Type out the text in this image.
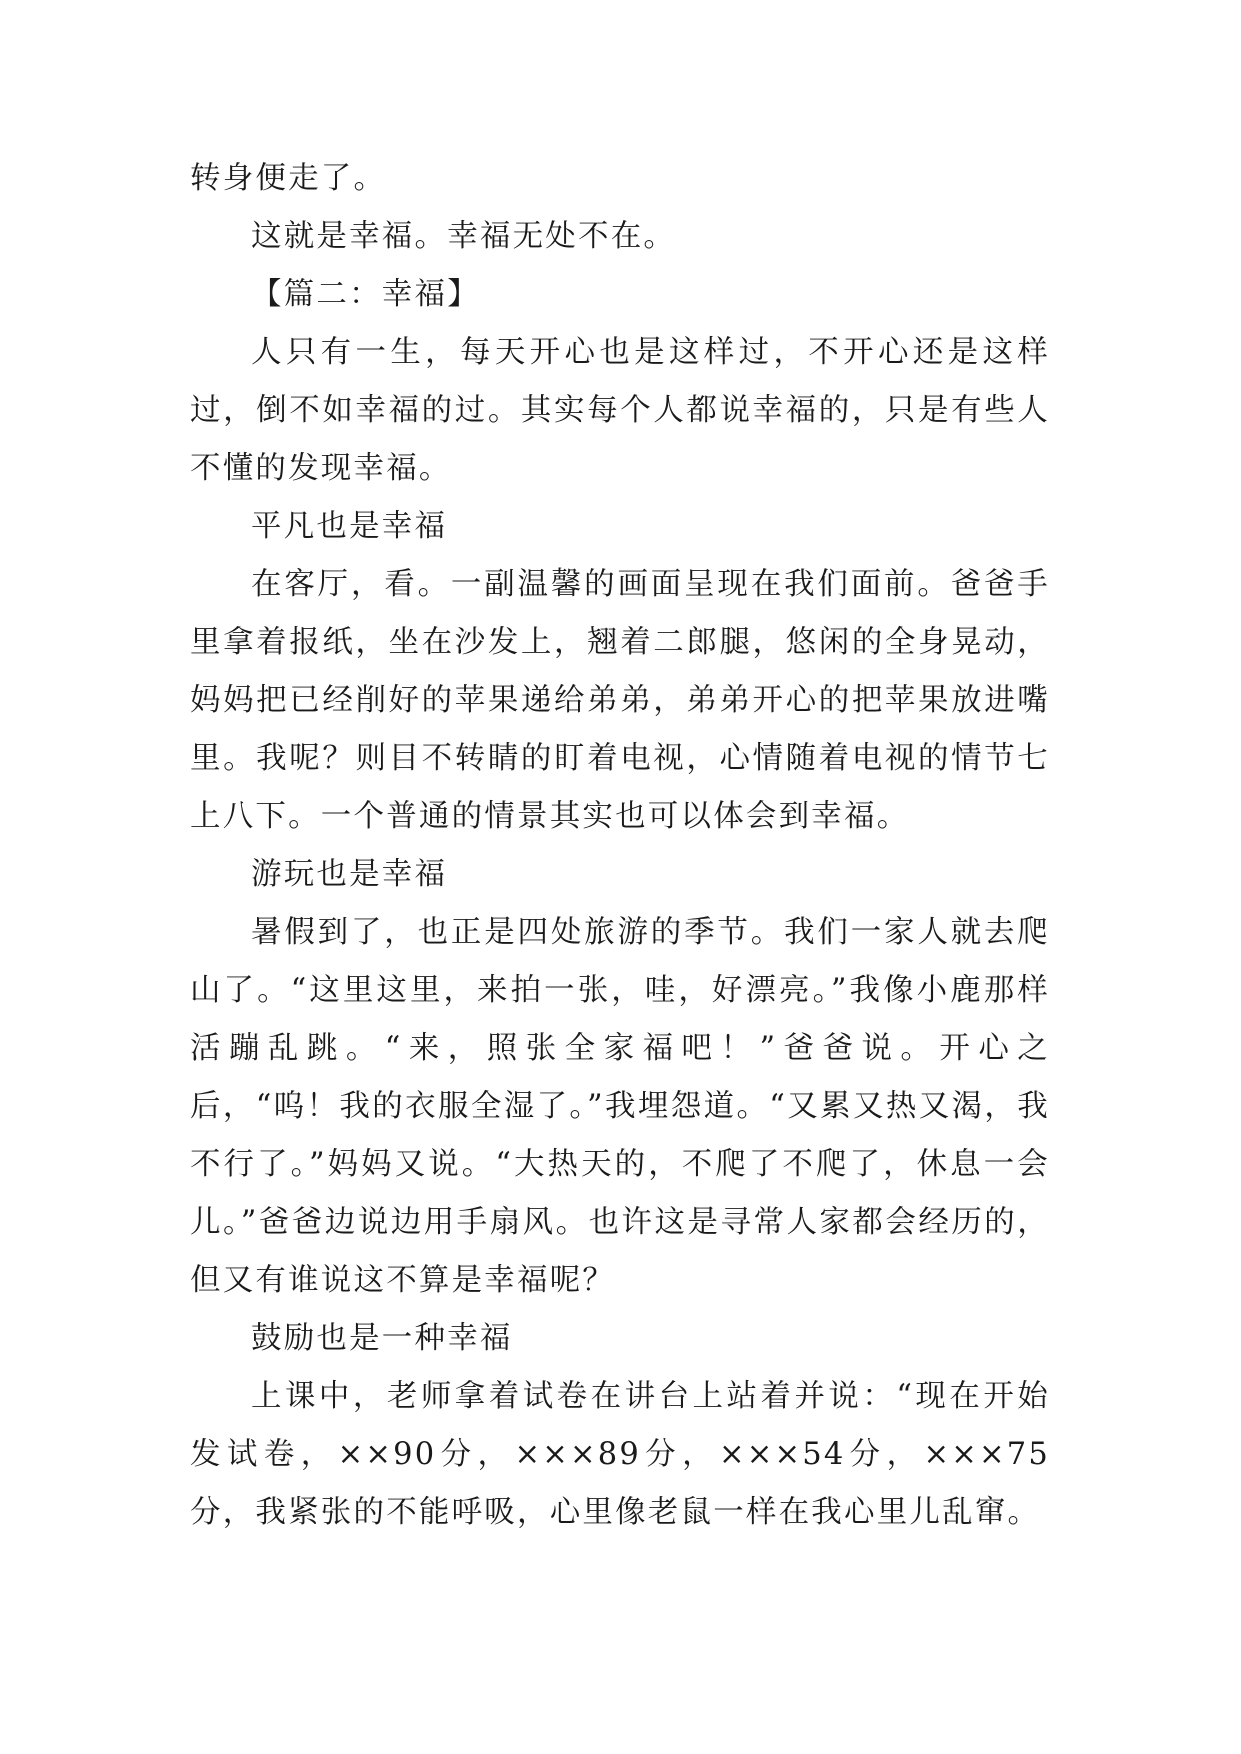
转身便走了。

这就是幸福。幸福无处不在。

【篇二：幸福】

人只有一生，每天开心也是这样过，不开心还是这样过，倒不如幸福的过。其实每个人都说幸福的，只是有些人不懂的发现幸福。

平凡也是幸福

在客厅，看。一副温馨的画面呈现在我们面前。爸爸手里拿着报纸，坐在沙发上，翘着二郎腿，悠闲的全身晃动，妈妈把已经削好的苹果递给弟弟，弟弟开心的把苹果放进嘴里。我呢？则目不转睛的盯着电视，心情随着电视的情节七上八下。一个普通的情景其实也可以体会到幸福。

游玩也是幸福

暑假到了，也正是四处旅游的季节。我们一家人就去爬山了。“这里这里，来拍一张，哇，好漂亮。”我像小鹿那样活蹦乱跳。“来，照张全家福吧！”爸爸说。开心之后，“呜！我的衣服全湿了。”我埋怨道。“又累又热又渴，我不行了。”妈妈又说。“大热天的，不爬了不爬了，休息一会儿。”爸爸边说边用手扇风。也许这是寻常人家都会经历的，但又有谁说这不算是幸福呢？

鼓励也是一种幸福

上课中，老师拿着试卷在讲台上站着并说：“现在开始发试卷，××90分，×××89分，×××54分，×××75分，我紧张的不能呼吸，心里像老鼠一样在我心里儿乱窜。
